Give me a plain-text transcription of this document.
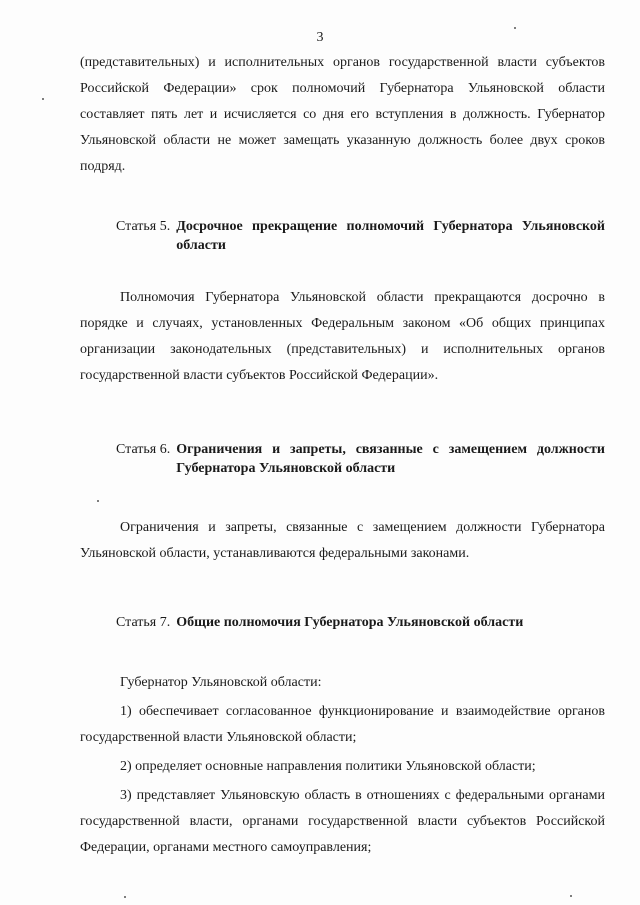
3

(представительных) и исполнительных органов государственной власти субъектов Российской Федерации» срок полномочий Губернатора Ульяновской области составляет пять лет и исчисляется со дня его вступления в должность. Губернатор Ульяновской области не может замещать указанную должность более двух сроков подряд.

Статья 5. Досрочное прекращение полномочий Губернатора Ульяновской области

Полномочия Губернатора Ульяновской области прекращаются досрочно в порядке и случаях, установленных Федеральным законом «Об общих принципах организации законодательных (представительных) и исполнительных органов государственной власти субъектов Российской Федерации».

Статья 6. Ограничения и запреты, связанные с замещением должности Губернатора Ульяновской области

Ограничения и запреты, связанные с замещением должности Губернатора Ульяновской области, устанавливаются федеральными законами.

Статья 7. Общие полномочия Губернатора Ульяновской области

Губернатор Ульяновской области:

1) обеспечивает согласованное функционирование и взаимодействие органов государственной власти Ульяновской области;

2) определяет основные направления политики Ульяновской области;

3) представляет Ульяновскую область в отношениях с федеральными органами государственной власти, органами государственной власти субъектов Российской Федерации, органами местного самоуправления;
